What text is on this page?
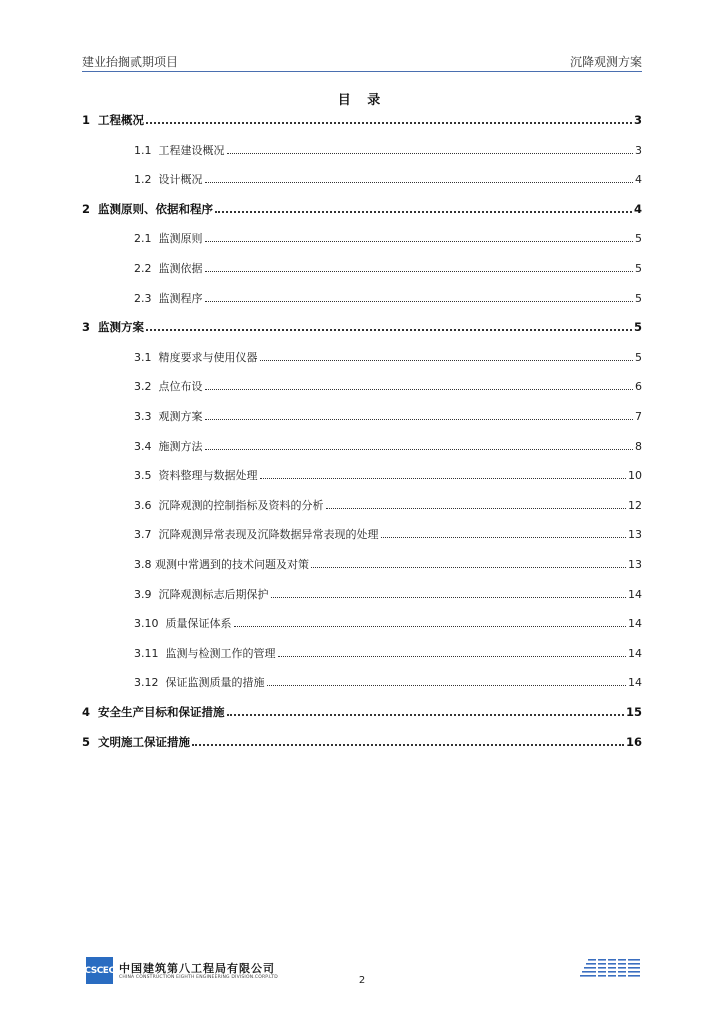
建业抬搁贰期项目	沉降观测方案
目 录
1 工程概况	3
1.1 工程建设概况	3
1.2 设计概况	4
2 监测原则、依据和程序	4
2.1 监测原则	5
2.2 监测依据	5
2.3 监测程序	5
3 监测方案	5
3.1 精度要求与使用仪器	5
3.2 点位布设	6
3.3 观测方案	7
3.4 施测方法	8
3.5 资料整理与数据处理	10
3.6 沉降观测的控制指标及资料的分析	12
3.7 沉降观测异常表现及沉降数据异常表现的处理	13
3.8 观测中常遇到的技术问题及对策	13
3.9 沉降观测标志后期保护	14
3.10 质量保证体系	14
3.11 监测与检测工作的管理	14
3.12 保证监测质量的措施	14
4 安全生产目标和保证措施	15
5 文明施工保证措施	16
CSCEC 中国建筑第八工程局有限公司
CHINA CONSTRUCTION EIGHTH ENGINEERING DIVISION.CORP.LTD	2
